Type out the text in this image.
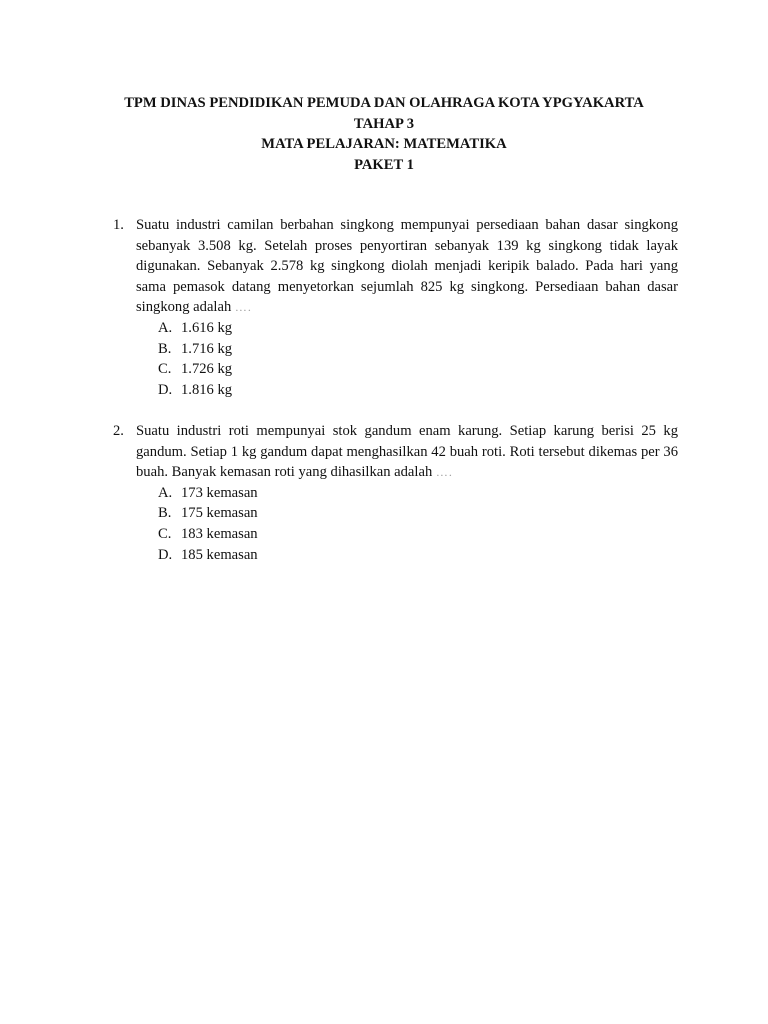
TPM DINAS PENDIDIKAN PEMUDA DAN OLAHRAGA KOTA YPGYAKARTA
TAHAP 3
MATA PELAJARAN: MATEMATIKA
PAKET 1
1. Suatu industri camilan berbahan singkong mempunyai persediaan bahan dasar singkong sebanyak 3.508 kg. Setelah proses penyortiran sebanyak 139 kg singkong tidak layak digunakan. Sebanyak 2.578 kg singkong diolah menjadi keripik balado. Pada hari yang sama pemasok datang menyetorkan sejumlah 825 kg singkong. Persediaan bahan dasar singkong adalah ….
A. 1.616 kg
B. 1.716 kg
C. 1.726 kg
D. 1.816 kg
2. Suatu industri roti mempunyai stok gandum enam karung. Setiap karung berisi 25 kg gandum. Setiap 1 kg gandum dapat menghasilkan 42 buah roti. Roti tersebut dikemas per 36 buah. Banyak kemasan roti yang dihasilkan adalah ….
A. 173 kemasan
B. 175 kemasan
C. 183 kemasan
D. 185 kemasan
